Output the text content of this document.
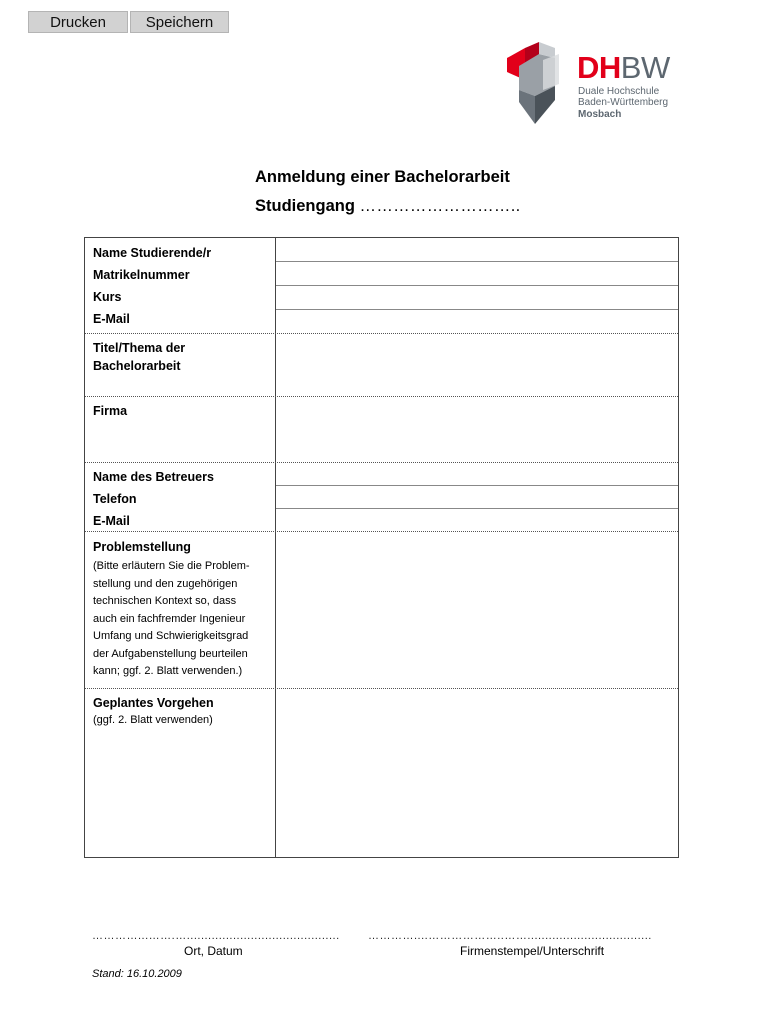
Drucken	Speichern
DHBW
Duale Hochschule
Baden-Württemberg
Mosbach
Anmeldung einer Bachelorarbeit
Studiengang ………………………..
Name Studierende/r
Matrikelnummer
Kurs
E-Mail
Titel/Thema der
Bachelorarbeit
Firma
Name des Betreuers
Telefon
E-Mail
Problemstellung
(Bitte erläutern Sie die Problem-
stellung und den zugehörigen
technischen Kontext so, dass
auch ein fachfremder Ingenieur
Umfang und Schwierigkeitsgrad
der Aufgabenstellung beurteilen
kann; ggf. 2. Blatt verwenden.)
Geplantes Vorgehen
(ggf. 2. Blatt verwenden)
…………...…….…...........................................	…………....………………..……...................................
Ort, Datum	Firmenstempel/Unterschrift
Stand: 16.10.2009
